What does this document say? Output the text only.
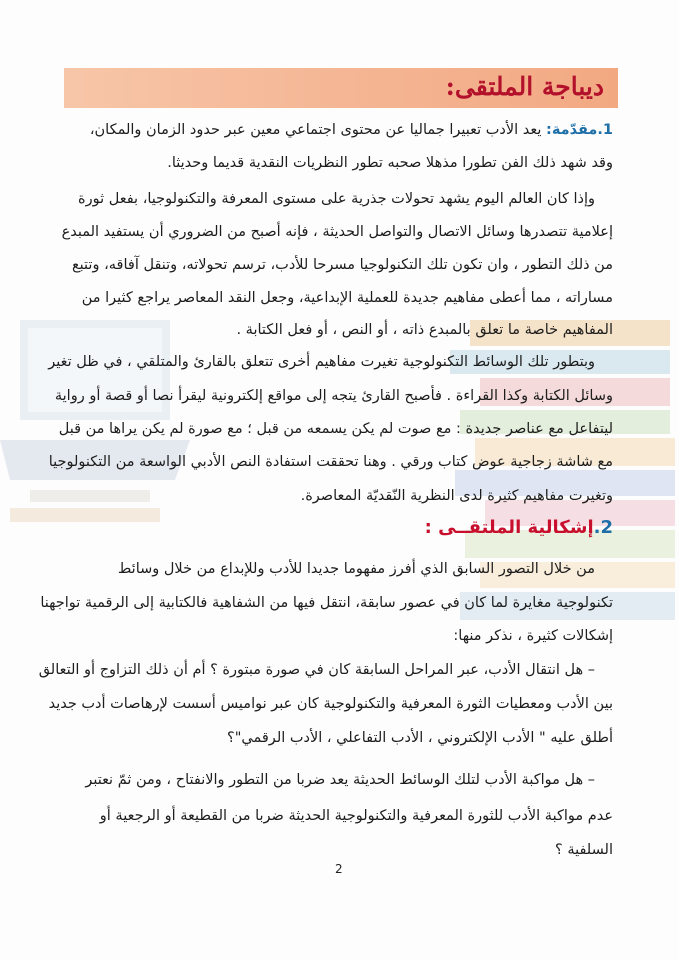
ديباجة الملتقى:
1.مقدّمة: يعد الأدب تعبيرا جماليا عن محتوى اجتماعي معين عبر حدود الزمان والمكان،
وقد شهد ذلك الفن تطورا مذهلا صحبه تطور النظريات النقدية قديما وحديثا.
وإذا كان العالم اليوم يشهد تحولات جذرية على مستوى المعرفة والتكنولوجيا، بفعل ثورة
إعلامية تتصدرها وسائل الاتصال والتواصل الحديثة ، فإنه أصبح من الضروري أن يستفيد المبدع
من ذلك التطور ، وان تكون تلك التكنولوجيا مسرحا للأدب، ترسم تحولاته، وتنقل آفاقه، وتتبع
مساراته ، مما أعطى مفاهيم جديدة للعملية الإبداعية، وجعل النقد المعاصر يراجع كثيرا من
المفاهيم خاصة ما تعلق بالمبدع ذاته ، أو النص ، أو فعل الكتابة .
وبتطور تلك الوسائط التكنولوجية تغيرت مفاهيم أخرى تتعلق بالقارئ والمتلقي ، في ظل تغير
وسائل الكتابة وكذا القراءة . فأصبح القارئ يتجه إلى مواقع إلكترونية ليقرأ نصا أو قصة أو رواية
ليتفاعل مع عناصر جديدة : مع صوت لم يكن يسمعه من قبل ؛ مع صورة لم يكن يراها من قبل
مع شاشة زجاجية عوض كتاب ورقي . وهنا تحققت استفادة النص الأدبي الواسعة من التكنولوجيا
وتغيرت مفاهيم كثيرة لدى النظرية النّقديّة المعاصرة.
2.إشكالية الملتقــى :
من خلال التصور السابق الذي أفرز مفهوما جديدا للأدب وللإبداع من خلال وسائط
تكنولوجية مغايرة لما كان في عصور سابقة، انتقل فيها من الشفاهية فالكتابية إلى الرقمية تواجهنا
إشكالات كثيرة ، نذكر منها:
– هل انتقال الأدب، عبر المراحل السابقة كان في صورة مبتورة ؟ أم أن ذلك التزاوج أو التعالق
بين الأدب ومعطيات الثورة المعرفية والتكنولوجية كان عبر نواميس أسست لإرهاصات أدب جديد
أطلق عليه " الأدب الإلكتروني ، الأدب التفاعلي ، الأدب الرقمي"؟
– هل مواكبة الأدب لتلك الوسائط الحديثة يعد ضربا من التطور والانفتاح ، ومن ثمّ نعتبر
عدم مواكبة الأدب للثورة المعرفية والتكنولوجية الحديثة ضربا من القطيعة أو الرجعية أو
السلفية ؟
2
